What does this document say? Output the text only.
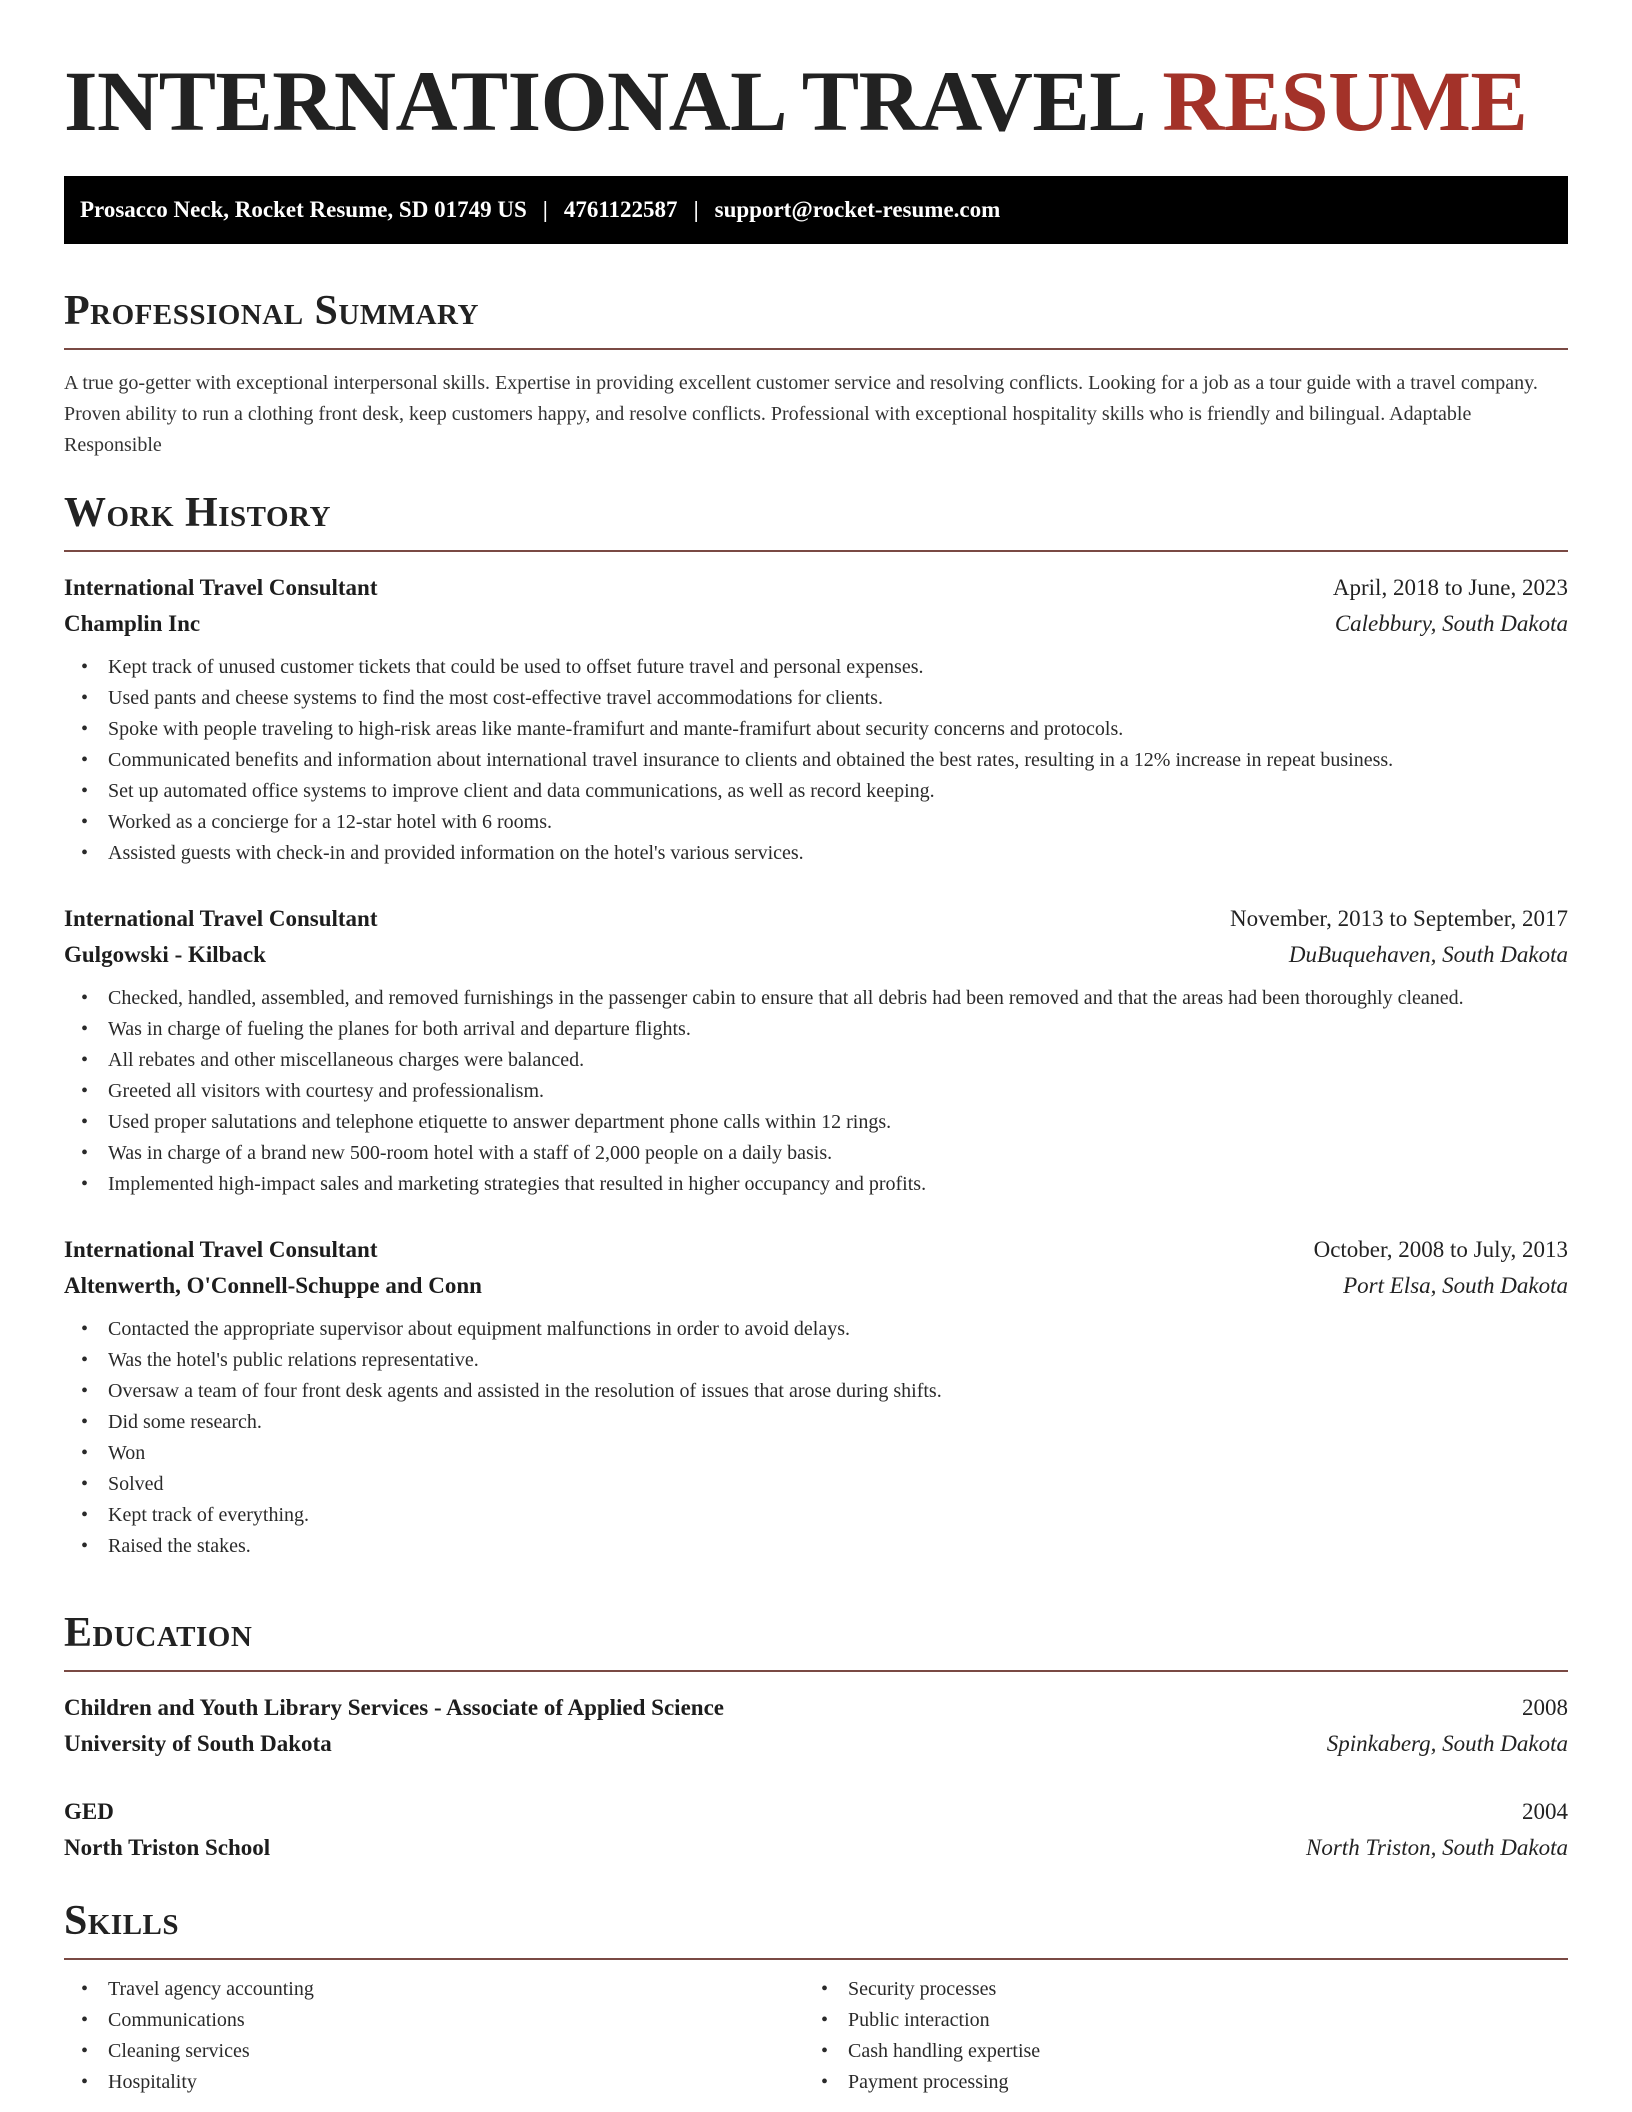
INTERNATIONAL TRAVEL RESUME
Prosacco Neck, Rocket Resume, SD 01749 US | 4761122587 | support@rocket-resume.com
Professional Summary

A true go-getter with exceptional interpersonal skills. Expertise in providing excellent customer service and resolving conflicts. Looking for a job as a tour guide with a travel company. Proven ability to run a clothing front desk, keep customers happy, and resolve conflicts. Professional with exceptional hospitality skills who is friendly and bilingual. Adaptable Responsible

Work History
International Travel Consultant	April, 2018 to June, 2023
Champlin Inc	Calebbury, South Dakota
• Kept track of unused customer tickets that could be used to offset future travel and personal expenses.
• Used pants and cheese systems to find the most cost-effective travel accommodations for clients.
• Spoke with people traveling to high-risk areas like mante-framifurt and mante-framifurt about security concerns and protocols.
• Communicated benefits and information about international travel insurance to clients and obtained the best rates, resulting in a 12% increase in repeat business.
• Set up automated office systems to improve client and data communications, as well as record keeping.
• Worked as a concierge for a 12-star hotel with 6 rooms.
• Assisted guests with check-in and provided information on the hotel's various services.
International Travel Consultant	November, 2013 to September, 2017
Gulgowski - Kilback	DuBuquehaven, South Dakota
• Checked, handled, assembled, and removed furnishings in the passenger cabin to ensure that all debris had been removed and that the areas had been thoroughly cleaned.
• Was in charge of fueling the planes for both arrival and departure flights.
• All rebates and other miscellaneous charges were balanced.
• Greeted all visitors with courtesy and professionalism.
• Used proper salutations and telephone etiquette to answer department phone calls within 12 rings.
• Was in charge of a brand new 500-room hotel with a staff of 2,000 people on a daily basis.
• Implemented high-impact sales and marketing strategies that resulted in higher occupancy and profits.
International Travel Consultant	October, 2008 to July, 2013
Altenwerth, O'Connell-Schuppe and Conn	Port Elsa, South Dakota
• Contacted the appropriate supervisor about equipment malfunctions in order to avoid delays.
• Was the hotel's public relations representative.
• Oversaw a team of four front desk agents and assisted in the resolution of issues that arose during shifts.
• Did some research.
• Won
• Solved
• Kept track of everything.
• Raised the stakes.
Education
Children and Youth Library Services - Associate of Applied Science	2008
University of South Dakota	Spinkaberg, South Dakota
GED	2004
North Triston School	North Triston, South Dakota
Skills
• Travel agency accounting
• Communications
• Cleaning services
• Hospitality
• Security processes
• Public interaction
• Cash handling expertise
• Payment processing
